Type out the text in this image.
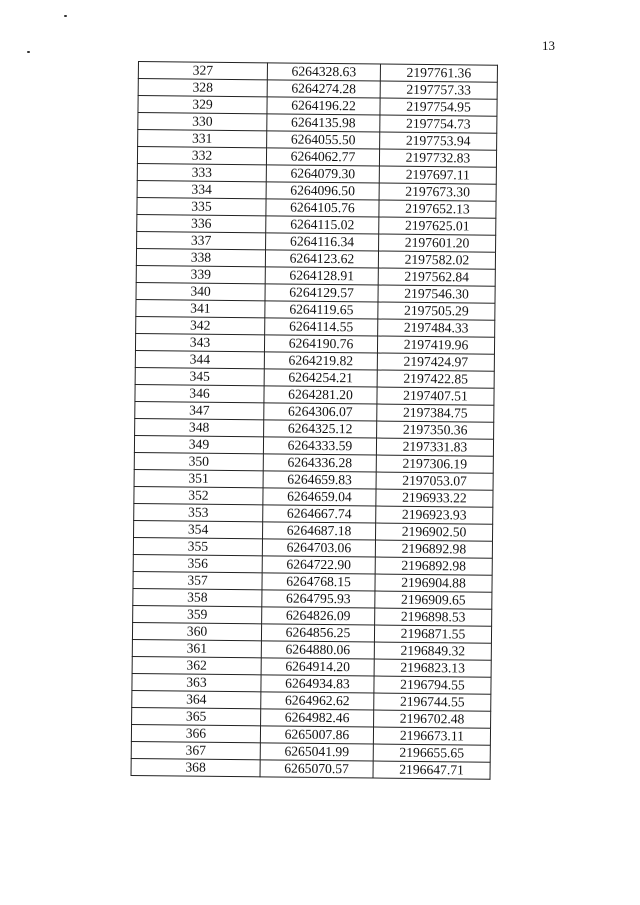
13
327	6264328.63	2197761.36
328	6264274.28	2197757.33
329	6264196.22	2197754.95
330	6264135.98	2197754.73
331	6264055.50	2197753.94
332	6264062.77	2197732.83
333	6264079.30	2197697.11
334	6264096.50	2197673.30
335	6264105.76	2197652.13
336	6264115.02	2197625.01
337	6264116.34	2197601.20
338	6264123.62	2197582.02
339	6264128.91	2197562.84
340	6264129.57	2197546.30
341	6264119.65	2197505.29
342	6264114.55	2197484.33
343	6264190.76	2197419.96
344	6264219.82	2197424.97
345	6264254.21	2197422.85
346	6264281.20	2197407.51
347	6264306.07	2197384.75
348	6264325.12	2197350.36
349	6264333.59	2197331.83
350	6264336.28	2197306.19
351	6264659.83	2197053.07
352	6264659.04	2196933.22
353	6264667.74	2196923.93
354	6264687.18	2196902.50
355	6264703.06	2196892.98
356	6264722.90	2196892.98
357	6264768.15	2196904.88
358	6264795.93	2196909.65
359	6264826.09	2196898.53
360	6264856.25	2196871.55
361	6264880.06	2196849.32
362	6264914.20	2196823.13
363	6264934.83	2196794.55
364	6264962.62	2196744.55
365	6264982.46	2196702.48
366	6265007.86	2196673.11
367	6265041.99	2196655.65
368	6265070.57	2196647.71
